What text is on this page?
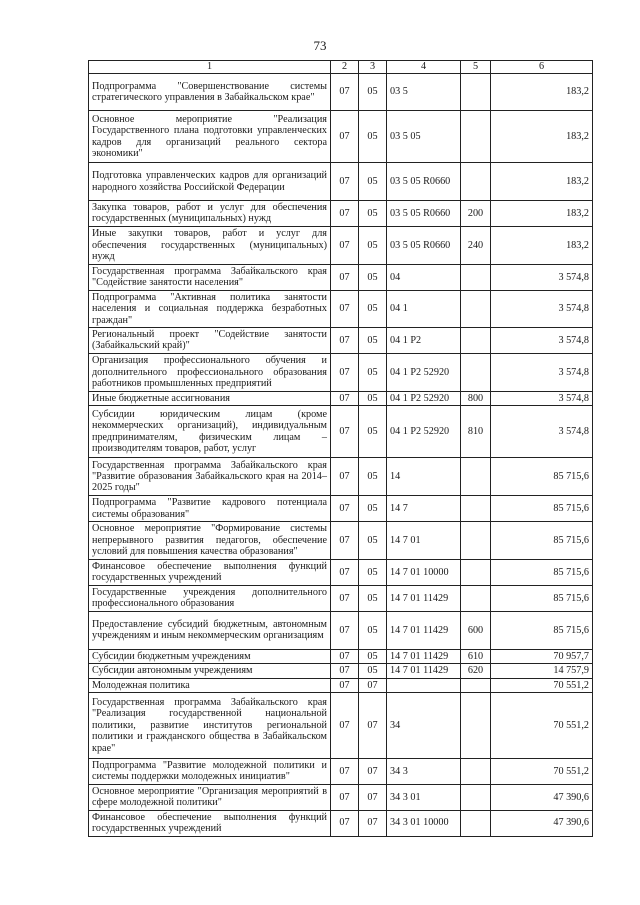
73
1	2	3	4	5	6
Подпрограмма "Совершенствование системы стратегического управления в Забайкальском крае"	07	05	03 5		183,2
Основное мероприятие "Реализация Государственного плана подготовки управленческих кадров для организаций реального сектора экономики"	07	05	03 5 05		183,2
Подготовка управленческих кадров для организаций народного хозяйства Российской Федерации	07	05	03 5 05 R0660		183,2
Закупка товаров, работ и услуг для обеспечения государственных (муниципальных) нужд	07	05	03 5 05 R0660	200	183,2
Иные закупки товаров, работ и услуг для обеспечения государственных (муниципальных) нужд	07	05	03 5 05 R0660	240	183,2
Государственная программа Забайкальского края "Содействие занятости населения"	07	05	04		3 574,8
Подпрограмма "Активная политика занятости населения и социальная поддержка безработных граждан"	07	05	04 1		3 574,8
Региональный проект "Содействие занятости (Забайкальский край)"	07	05	04 1 P2		3 574,8
Организация профессионального обучения и дополнительного профессионального образования работников промышленных предприятий	07	05	04 1 P2 52920		3 574,8
Иные бюджетные ассигнования	07	05	04 1 P2 52920	800	3 574,8
Субсидии юридическим лицам (кроме некоммерческих организаций), индивидуальным предпринимателям, физическим лицам – производителям товаров, работ, услуг	07	05	04 1 P2 52920	810	3 574,8
Государственная программа Забайкальского края "Развитие образования Забайкальского края на 2014–2025 годы"	07	05	14		85 715,6
Подпрограмма "Развитие кадрового потенциала системы образования"	07	05	14 7		85 715,6
Основное мероприятие "Формирование системы непрерывного развития педагогов, обеспечение условий для повышения качества образования"	07	05	14 7 01		85 715,6
Финансовое обеспечение выполнения функций государственных учреждений	07	05	14 7 01 10000		85 715,6
Государственные учреждения дополнительного профессионального образования	07	05	14 7 01 11429		85 715,6
Предоставление субсидий бюджетным, автономным учреждениям и иным некоммерческим организациям	07	05	14 7 01 11429	600	85 715,6
Субсидии бюджетным учреждениям	07	05	14 7 01 11429	610	70 957,7
Субсидии автономным учреждениям	07	05	14 7 01 11429	620	14 757,9
Молодежная политика	07	07			70 551,2
Государственная программа Забайкальского края "Реализация государственной национальной политики, развитие институтов региональной политики и гражданского общества в Забайкальском крае"	07	07	34		70 551,2
Подпрограмма "Развитие молодежной политики и системы поддержки молодежных инициатив"	07	07	34 3		70 551,2
Основное мероприятие "Организация мероприятий в сфере молодежной политики"	07	07	34 3 01		47 390,6
Финансовое обеспечение выполнения функций государственных учреждений	07	07	34 3 01 10000		47 390,6
